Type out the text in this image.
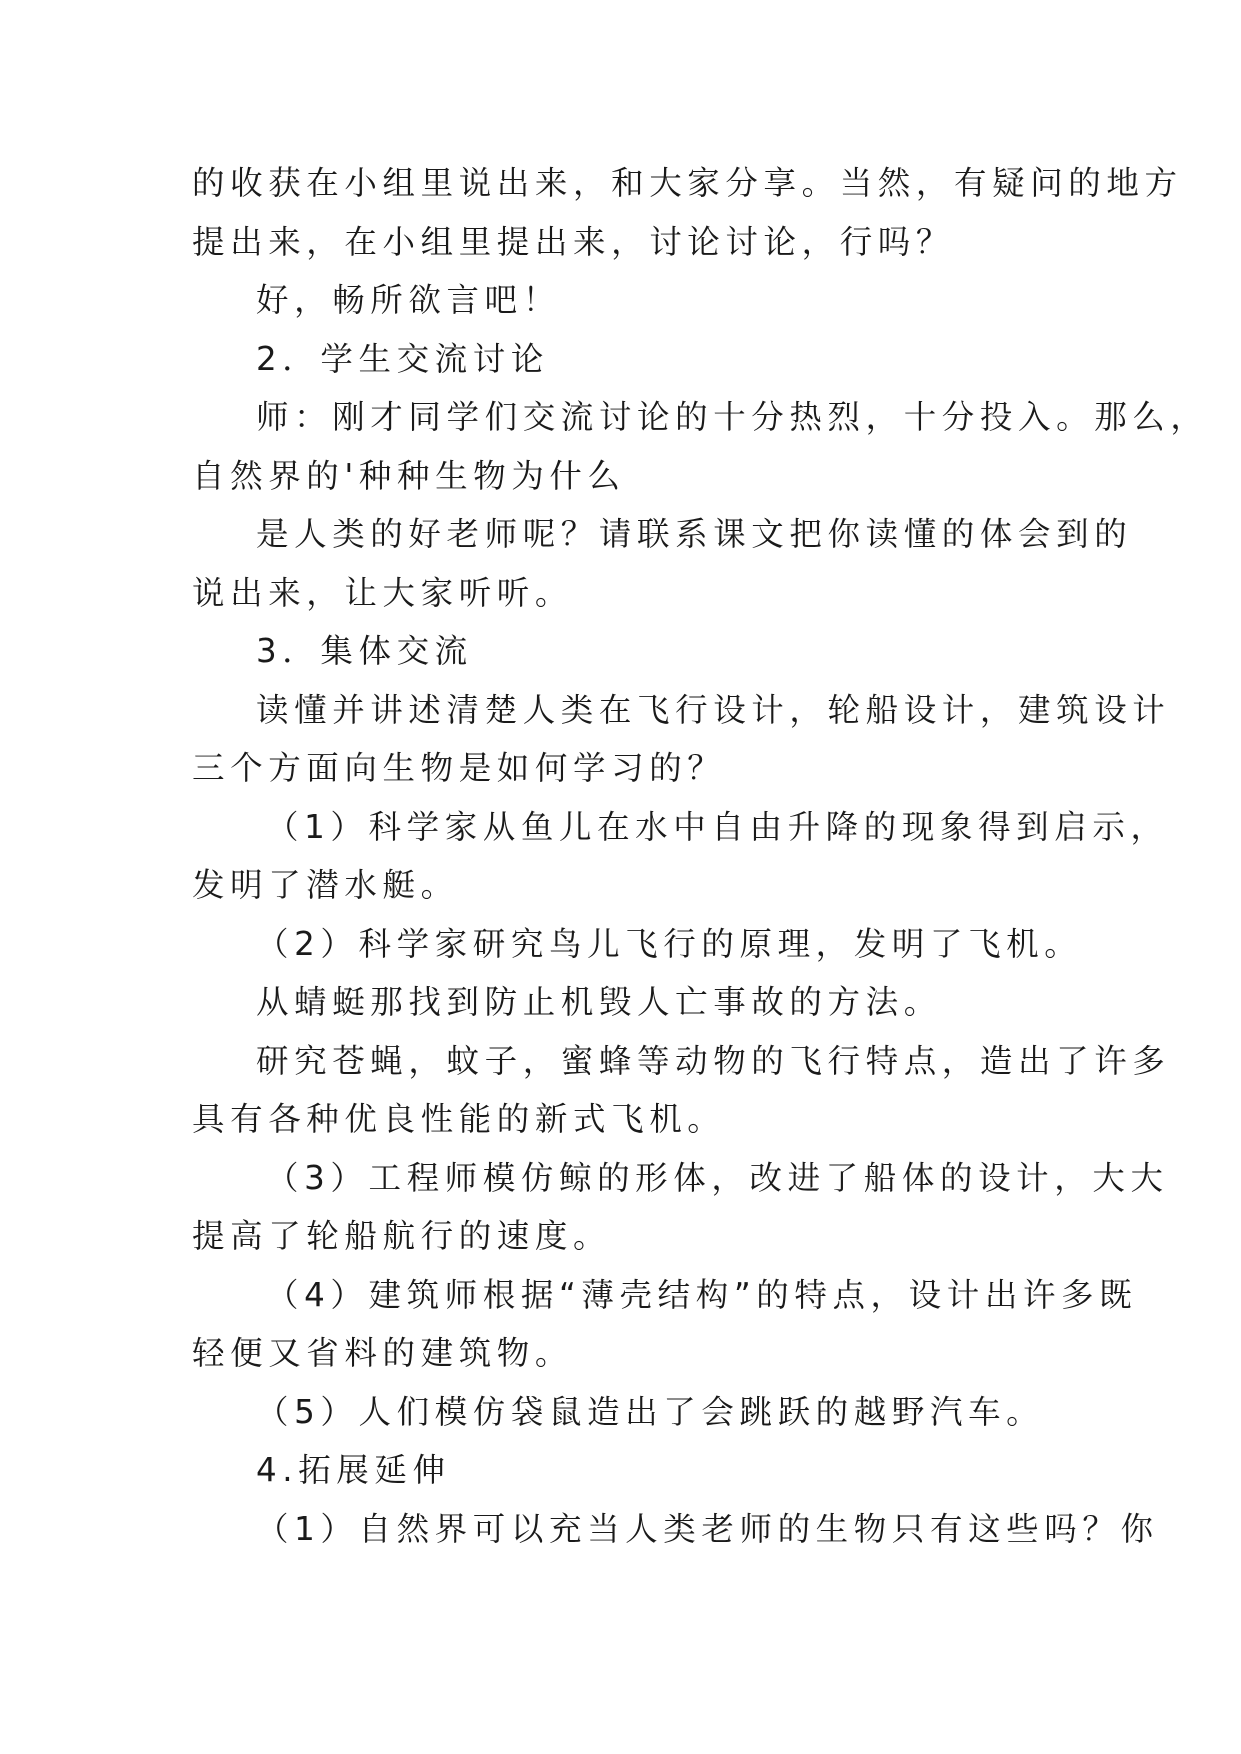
的收获在小组里说出来，和大家分享。当然，有疑问的地方
提出来，在小组里提出来，讨论讨论，行吗？

好，畅所欲言吧！

2．学生交流讨论

师：刚才同学们交流讨论的十分热烈，十分投入。那么，
自然界的'种种生物为什么

是人类的好老师呢？请联系课文把你读懂的体会到的
说出来，让大家听听。

3．集体交流

读懂并讲述清楚人类在飞行设计，轮船设计，建筑设计
三个方面向生物是如何学习的？

（1）科学家从鱼儿在水中自由升降的现象得到启示，
发明了潜水艇。

（2）科学家研究鸟儿飞行的原理，发明了飞机。

从蜻蜓那找到防止机毁人亡事故的方法。

研究苍蝇，蚊子，蜜蜂等动物的飞行特点，造出了许多
具有各种优良性能的新式飞机。

（3）工程师模仿鲸的形体，改进了船体的设计，大大
提高了轮船航行的速度。

（4）建筑师根据“薄壳结构”的特点，设计出许多既
轻便又省料的建筑物。

（5）人们模仿袋鼠造出了会跳跃的越野汽车。

4.拓展延伸

（1）自然界可以充当人类老师的生物只有这些吗？你
